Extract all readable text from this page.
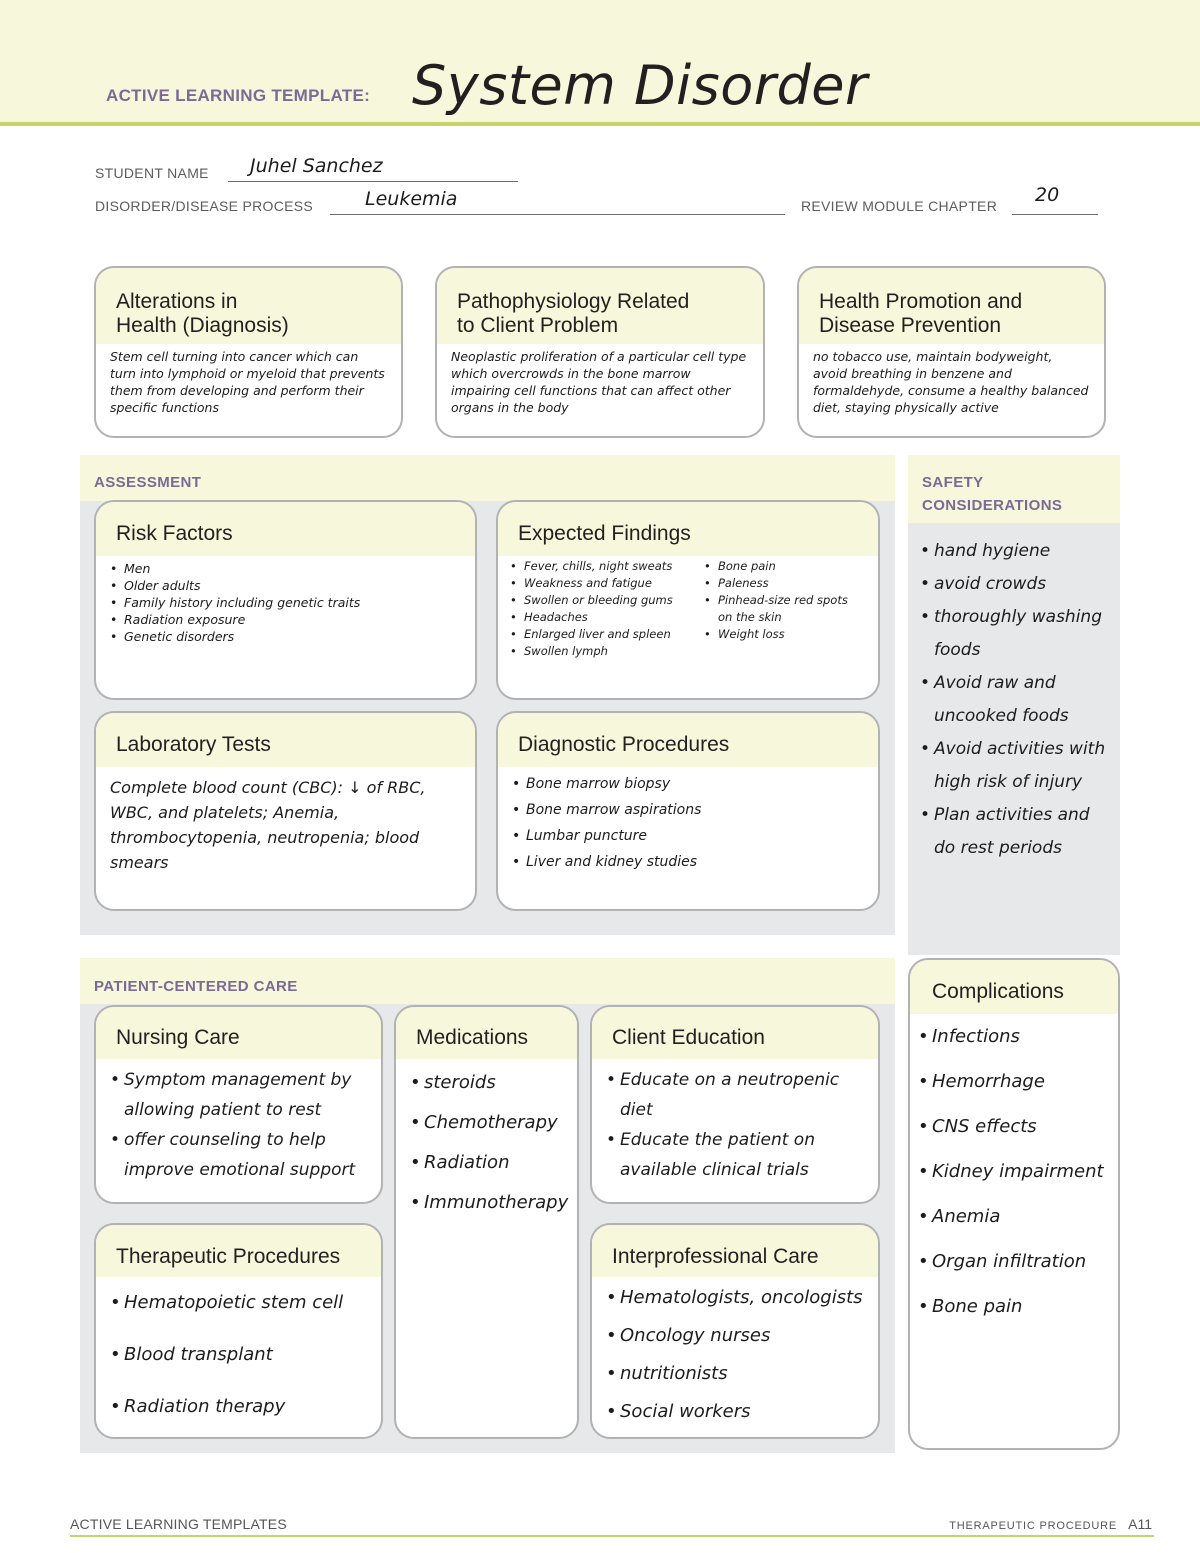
ACTIVE LEARNING TEMPLATE: System Disorder
STUDENT NAME Juhel Sanchez
DISORDER/DISEASE PROCESS	Leukemia	REVIEW MODULE CHAPTER 20
Alterations in
Health (Diagnosis)
Stem cell turning into cancer which can turn into lymphoid or myeloid that prevents them from developing and perform their specific functions
Pathophysiology Related
to Client Problem
Neoplastic proliferation of a particular cell type which overcrowds in the bone marrow impairing cell functions that can affect other organs in the body
Health Promotion and
Disease Prevention
no tobacco use, maintain bodyweight, avoid breathing in benzene and formaldehyde, consume a healthy balanced diet, staying physically active
ASSESSMENT
Risk Factors
• Men
• Older adults
• Family history including genetic traits
• Radiation exposure
• Genetic disorders
Expected Findings
• Fever, chills, night sweats
• Weakness and fatigue
• Swollen or bleeding gums
• Headaches
• Enlarged liver and spleen
• Swollen lymph
• Bone pain
• Paleness
• Pinhead-size red spots on the skin
• Weight loss
Laboratory Tests
Complete blood count (CBC): ↓ of RBC, WBC, and platelets; Anemia, thrombocytopenia, neutropenia; blood smears
Diagnostic Procedures
• Bone marrow biopsy
• Bone marrow aspirations
• Lumbar puncture
• Liver and kidney studies
SAFETY
CONSIDERATIONS
• hand hygiene
• avoid crowds
• thoroughly washing foods
• Avoid raw and uncooked foods
• Avoid activities with high risk of injury
• Plan activities and do rest periods
PATIENT-CENTERED CARE
Nursing Care
• Symptom management by allowing patient to rest
• offer counseling to help improve emotional support
Medications
• steroids
• Chemotherapy
• Radiation
• Immunotherapy
Client Education
• Educate on a neutropenic diet
• Educate the patient on available clinical trials
Therapeutic Procedures
• Hematopoietic stem cell
• Blood transplant
• Radiation therapy
Interprofessional Care
• Hematologists, oncologists
• Oncology nurses
• nutritionists
• Social workers
Complications
• Infections
• Hemorrhage
• CNS effects
• Kidney impairment
• Anemia
• Organ infiltration
• Bone pain
ACTIVE LEARNING TEMPLATES	THERAPEUTIC PROCEDURE A11
